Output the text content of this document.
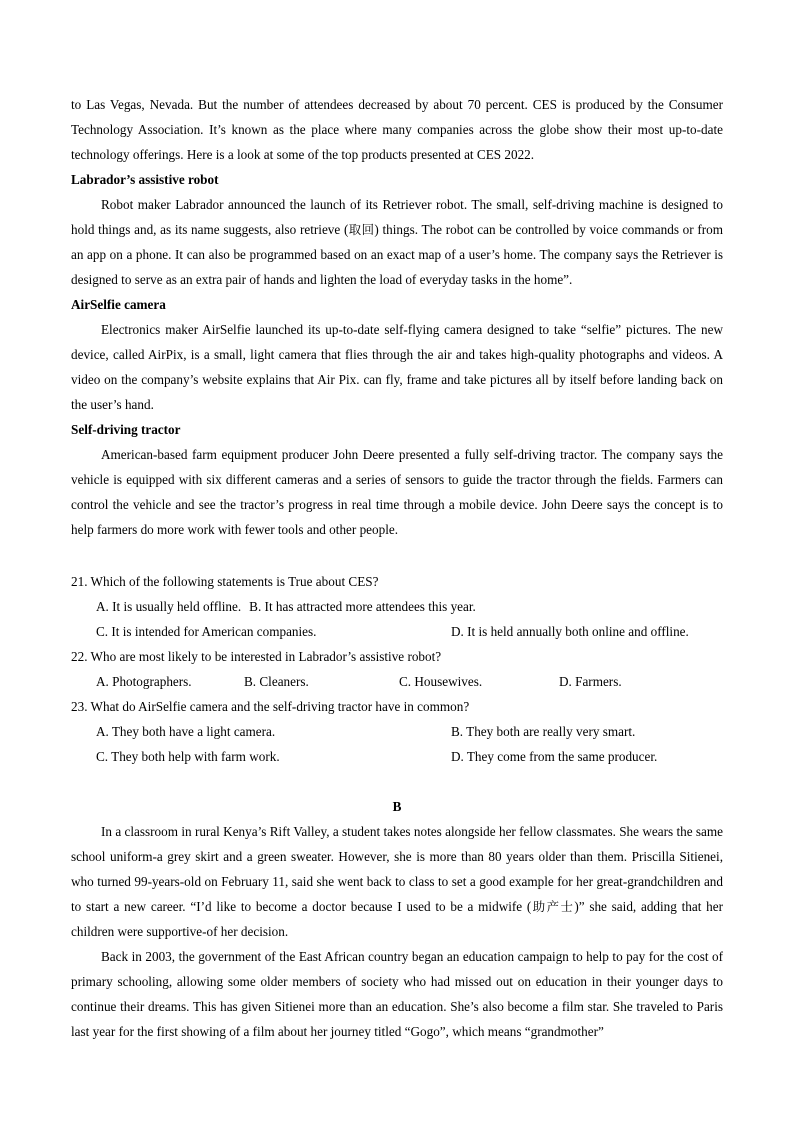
to Las Vegas, Nevada. But the number of attendees decreased by about 70 percent. CES is produced by the Consumer Technology Association. It’s known as the place where many companies across the globe show their most up-to-date technology offerings. Here is a look at some of the top products presented at CES 2022.

Labrador’s assistive robot

Robot maker Labrador announced the launch of its Retriever robot. The small, self-driving machine is designed to hold things and, as its name suggests, also retrieve (取回) things. The robot can be controlled by voice commands or from an app on a phone. It can also be programmed based on an exact map of a user’s home. The company says the Retriever is designed to serve as an extra pair of hands and lighten the load of everyday tasks in the home”.

AirSelfie camera

Electronics maker AirSelfie launched its up-to-date self-flying camera designed to take “selfie” pictures. The new device, called AirPix, is a small, light camera that flies through the air and takes high-quality photographs and videos. A video on the company’s website explains that Air Pix. can fly, frame and take pictures all by itself before landing back on the user’s hand.

Self-driving tractor

American-based farm equipment producer John Deere presented a fully self-driving tractor. The company says the vehicle is equipped with six different cameras and a series of sensors to guide the tractor through the fields. Farmers can control the vehicle and see the tractor’s progress in real time through a mobile device. John Deere says the concept is to help farmers do more work with fewer tools and other people.

21. Which of the following statements is True about CES?

A. It is usually held offline. B. It has attracted more attendees this year.

C. It is intended for American companies.	D. It is held annually both online and offline.

22. Who are most likely to be interested in Labrador’s assistive robot?

A. Photographers.	B. Cleaners.	C. Housewives.	D. Farmers.

23. What do AirSelfie camera and the self-driving tractor have in common?

A. They both have a light camera.	B. They both are really very smart.

C. They both help with farm work.	D. They come from the same producer.

B

In a classroom in rural Kenya’s Rift Valley, a student takes notes alongside her fellow classmates. She wears the same school uniform-a grey skirt and a green sweater. However, she is more than 80 years older than them. Priscilla Sitienei, who turned 99-years-old on February 11, said she went back to class to set a good example for her great-grandchildren and to start a new career. “I’d like to become a doctor because I used to be a midwife (助产士)” she said, adding that her children were supportive-of her decision.

Back in 2003, the government of the East African country began an education campaign to help to pay for the cost of primary schooling, allowing some older members of society who had missed out on education in their younger days to continue their dreams. This has given Sitienei more than an education. She’s also become a film star. She traveled to Paris last year for the first showing of a film about her journey titled “Gogo”, which means “grandmother”
